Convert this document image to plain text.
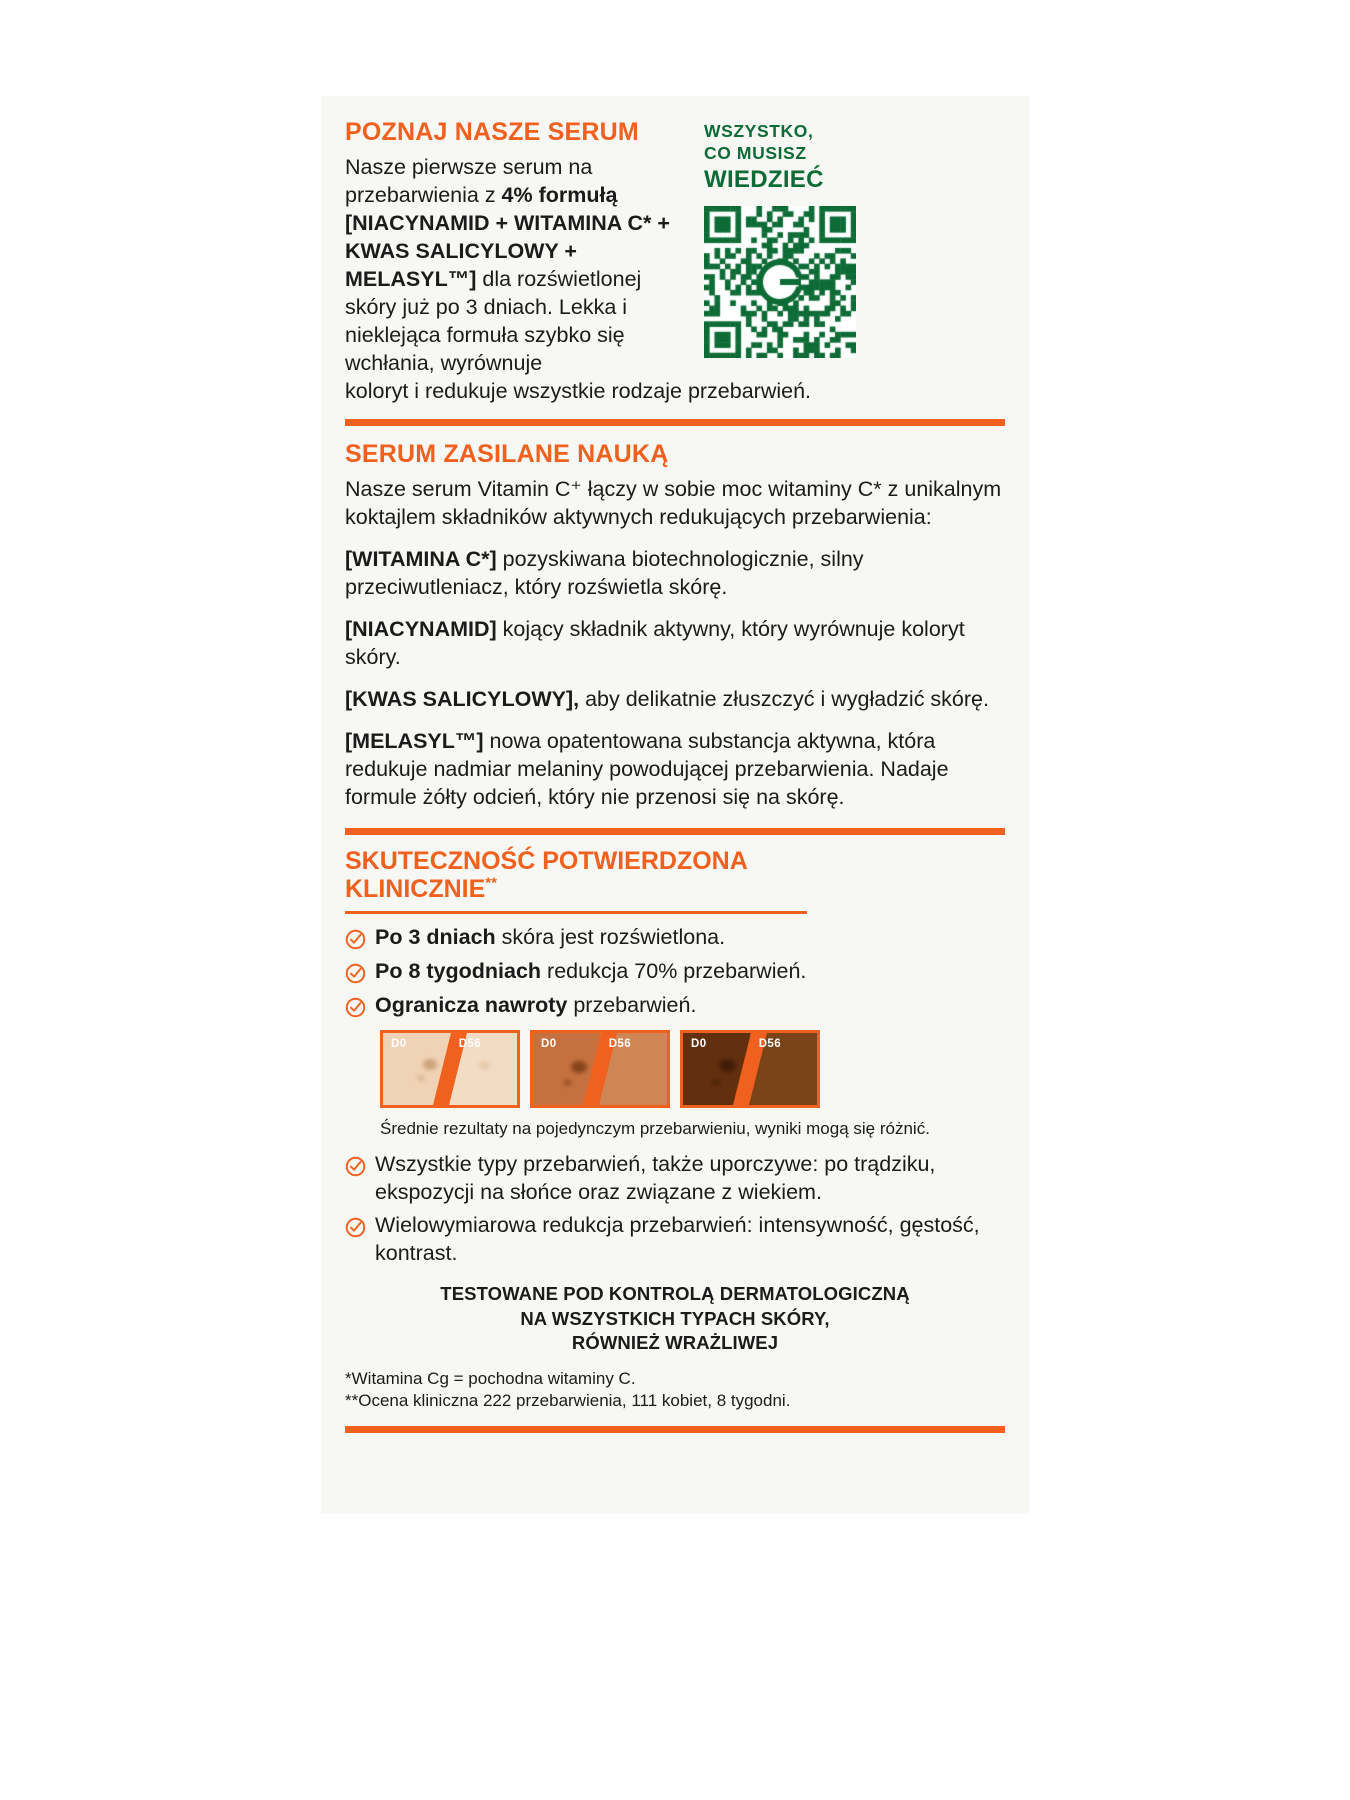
POZNAJ NASZE SERUM

Nasze pierwsze serum na przebarwienia z 4% formułą [NIACYNAMID + WITAMINA C* + KWAS SALICYLOWY + MELASYL™] dla rozświetlonej skóry już po 3 dniach. Lekka i nieklejąca formuła szybko się wchłania, wyrównuje

WSZYSTKO,
CO MUSISZ
WIEDZIEĆ

koloryt i redukuje wszystkie rodzaje przebarwień.

SERUM ZASILANE NAUKĄ

Nasze serum Vitamin C⁺ łączy w sobie moc witaminy C* z unikalnym koktajlem składników aktywnych redukujących przebarwienia:

[WITAMINA C*] pozyskiwana biotechnologicznie, silny przeciwutleniacz, który rozświetla skórę.

[NIACYNAMID] kojący składnik aktywny, który wyrównuje koloryt skóry.

[KWAS SALICYLOWY], aby delikatnie złuszczyć i wygładzić skórę.

[MELASYL™] nowa opatentowana substancja aktywna, która redukuje nadmiar melaniny powodującej przebarwienia. Nadaje formule żółty odcień, który nie przenosi się na skórę.

SKUTECZNOŚĆ POTWIERDZONA
KLINICZNIE**
Po 3 dniach skóra jest rozświetlona.
Po 8 tygodniach redukcja 70% przebarwień.
Ogranicza nawroty przebarwień.
D0	D56	D0	D56	D0	D56

Średnie rezultaty na pojedynczym przebarwieniu, wyniki mogą się różnić.

Wszystkie typy przebarwień, także uporczywe: po trądziku, ekspozycji na słońce oraz związane z wiekiem.
Wielowymiarowa redukcja przebarwień: intensywność, gęstość, kontrast.
TESTOWANE POD KONTROLĄ DERMATOLOGICZNĄ
NA WSZYSTKICH TYPACH SKÓRY,
RÓWNIEŻ WRAŻLIWEJ
*Witamina Cg = pochodna witaminy C.
**Ocena kliniczna 222 przebarwienia, 111 kobiet, 8 tygodni.
